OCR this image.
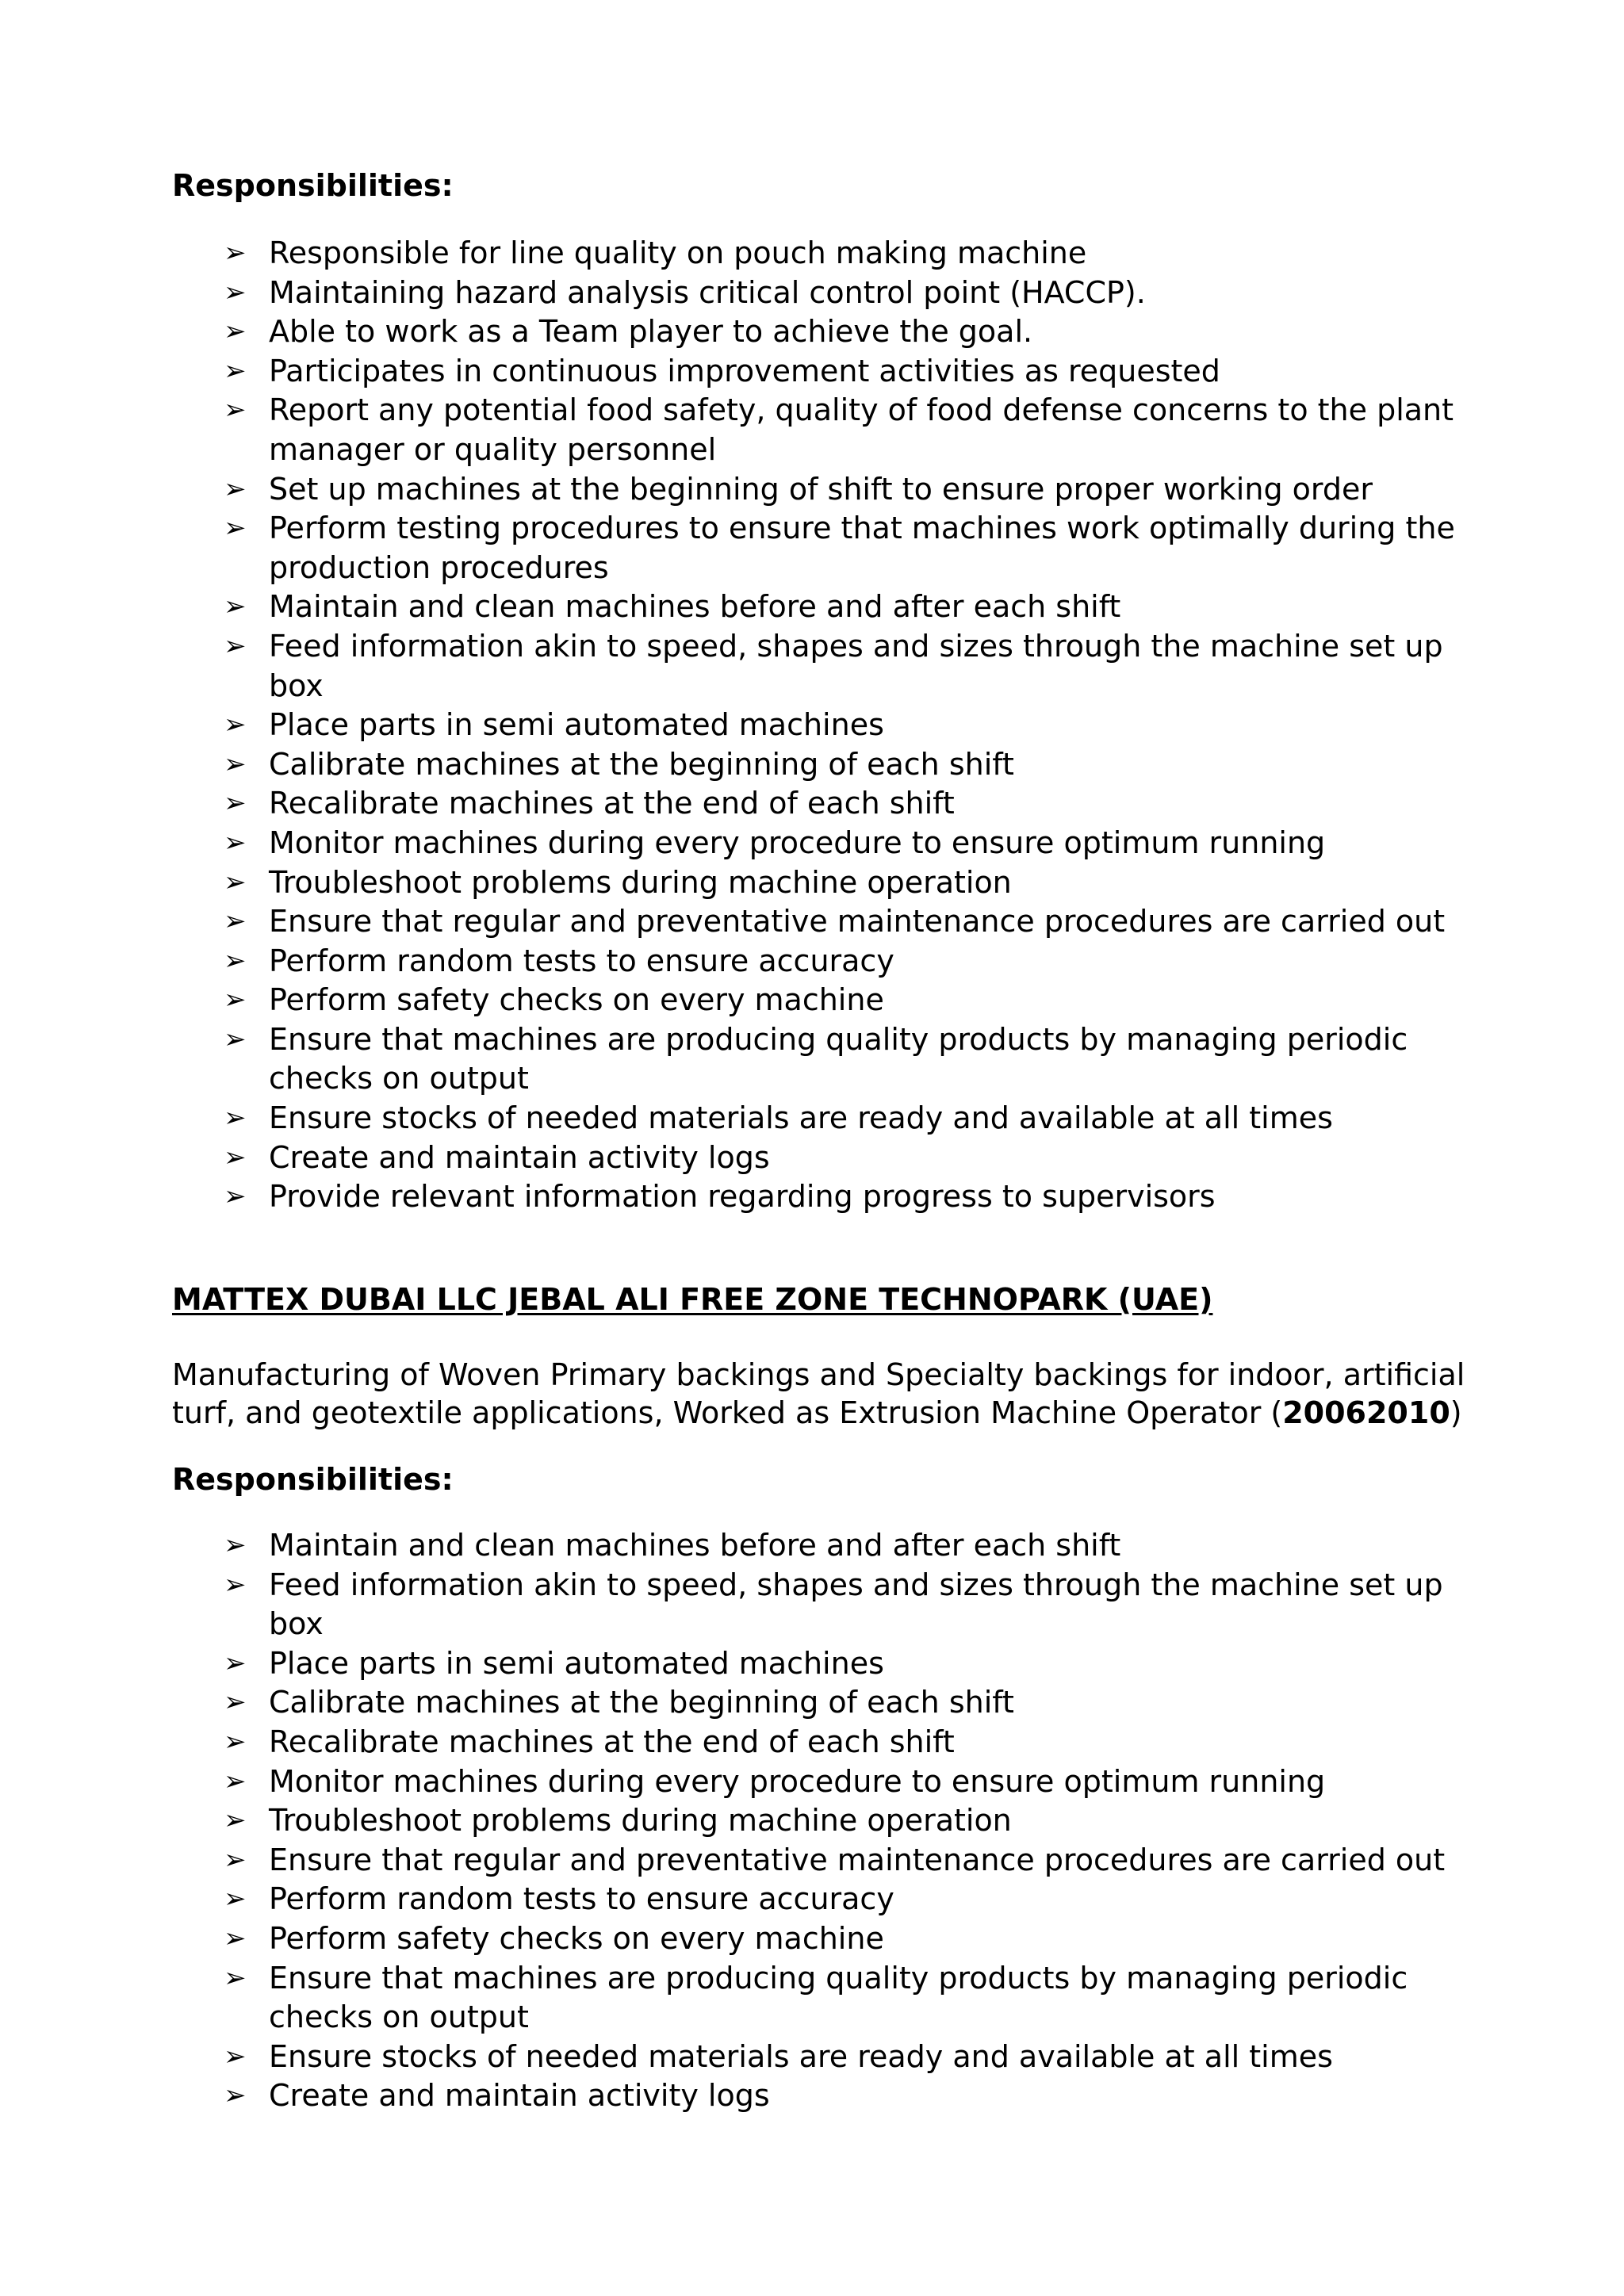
Responsibilities:
➢ Responsible for line quality on pouch making machine
➢ Maintaining hazard analysis critical control point (HACCP).
➢ Able to work as a Team player to achieve the goal.
➢ Participates in continuous improvement activities as requested
➢ Report any potential food safety, quality of food defense concerns to the plant manager or quality personnel
➢ Set up machines at the beginning of shift to ensure proper working order
➢ Perform testing procedures to ensure that machines work optimally during the production procedures
➢ Maintain and clean machines before and after each shift
➢ Feed information akin to speed, shapes and sizes through the machine set up box
➢ Place parts in semi automated machines
➢ Calibrate machines at the beginning of each shift
➢ Recalibrate machines at the end of each shift
➢ Monitor machines during every procedure to ensure optimum running
➢ Troubleshoot problems during machine operation
➢ Ensure that regular and preventative maintenance procedures are carried out
➢ Perform random tests to ensure accuracy
➢ Perform safety checks on every machine
➢ Ensure that machines are producing quality products by managing periodic checks on output
➢ Ensure stocks of needed materials are ready and available at all times
➢ Create and maintain activity logs
➢ Provide relevant information regarding progress to supervisors
MATTEX DUBAI LLC JEBAL ALI FREE ZONE TECHNOPARK (UAE)
Manufacturing of Woven Primary backings and Specialty backings for indoor, artificial
turf, and geotextile applications, Worked as Extrusion Machine Operator (20062010)
Responsibilities:
➢ Maintain and clean machines before and after each shift
➢ Feed information akin to speed, shapes and sizes through the machine set up box
➢ Place parts in semi automated machines
➢ Calibrate machines at the beginning of each shift
➢ Recalibrate machines at the end of each shift
➢ Monitor machines during every procedure to ensure optimum running
➢ Troubleshoot problems during machine operation
➢ Ensure that regular and preventative maintenance procedures are carried out
➢ Perform random tests to ensure accuracy
➢ Perform safety checks on every machine
➢ Ensure that machines are producing quality products by managing periodic checks on output
➢ Ensure stocks of needed materials are ready and available at all times
➢ Create and maintain activity logs
